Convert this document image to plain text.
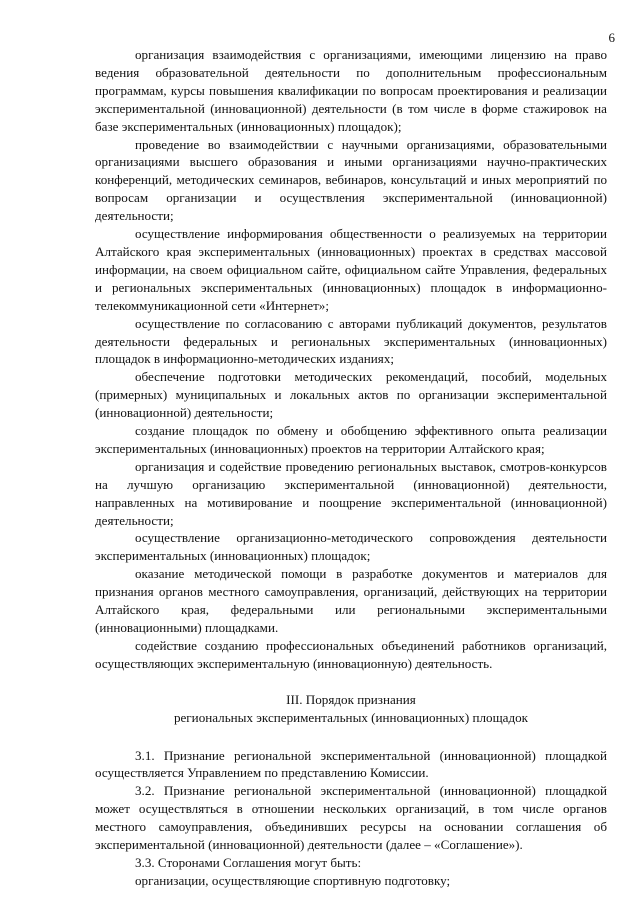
6

организация взаимодействия с организациями, имеющими лицензию на право ведения образовательной деятельности по дополнительным профессиональным программам, курсы повышения квалификации по вопросам проектирования и реализации экспериментальной (инновационной) деятельности (в том числе в форме стажировок на базе экспериментальных (инновационных) площадок);

проведение во взаимодействии с научными организациями, образовательными организациями высшего образования и иными организациями научно-практических конференций, методических семинаров, вебинаров, консультаций и иных мероприятий по вопросам организации и осуществления экспериментальной (инновационной) деятельности;

осуществление информирования общественности о реализуемых на территории Алтайского края экспериментальных (инновационных) проектах в средствах массовой информации, на своем официальном сайте, официальном сайте Управления, федеральных и региональных экспериментальных (инновационных) площадок в информационно-телекоммуникационной сети «Интернет»;

осуществление по согласованию с авторами публикаций документов, результатов деятельности федеральных и региональных экспериментальных (инновационных) площадок в информационно-методических изданиях;

обеспечение подготовки методических рекомендаций, пособий, модельных (примерных) муниципальных и локальных актов по организации экспериментальной (инновационной) деятельности;

создание площадок по обмену и обобщению эффективного опыта реализации экспериментальных (инновационных) проектов на территории Алтайского края;

организация и содействие проведению региональных выставок, смотров-конкурсов на лучшую организацию экспериментальной (инновационной) деятельности, направленных на мотивирование и поощрение экспериментальной (инновационной) деятельности;

осуществление организационно-методического сопровождения деятельности экспериментальных (инновационных) площадок;

оказание методической помощи в разработке документов и материалов для признания органов местного самоуправления, организаций, действующих на территории Алтайского края, федеральными или региональными экспериментальными (инновационными) площадками.

содействие созданию профессиональных объединений работников организаций, осуществляющих экспериментальную (инновационную) деятельность.

III. Порядок признания
региональных экспериментальных (инновационных) площадок

3.1. Признание региональной экспериментальной (инновационной) площадкой осуществляется Управлением по представлению Комиссии.

3.2. Признание региональной экспериментальной (инновационной) площадкой может осуществляться в отношении нескольких организаций, в том числе органов местного самоуправления, объединивших ресурсы на основании соглашения об экспериментальной (инновационной) деятельности (далее – «Соглашение»).

3.3. Сторонами Соглашения могут быть:

организации, осуществляющие спортивную подготовку;
